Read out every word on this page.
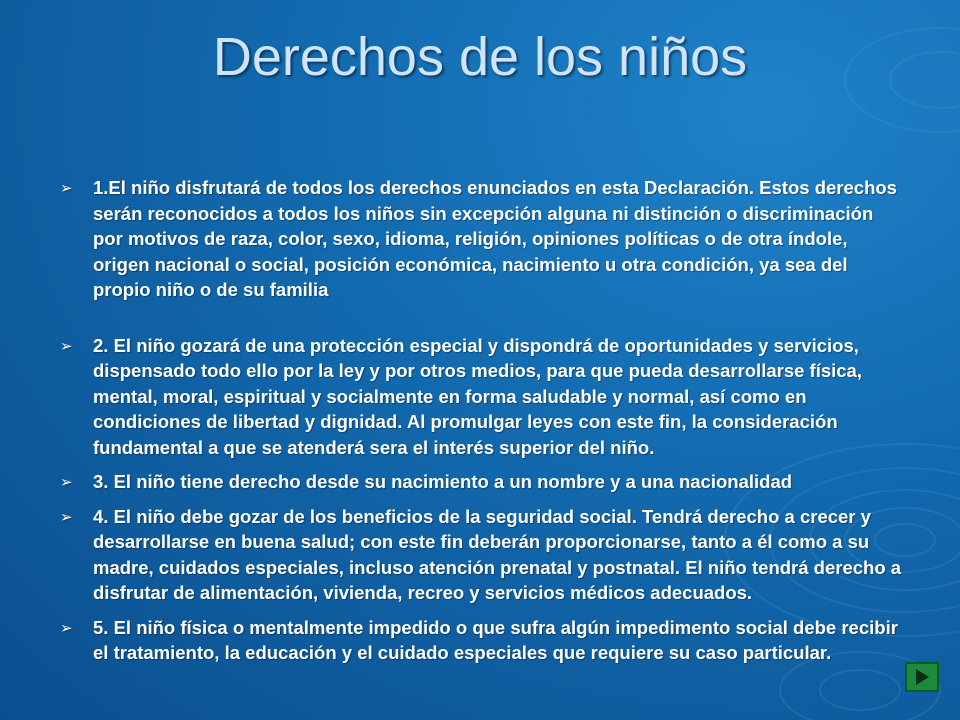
Derechos de los niños
➢ 1.El niño disfrutará de todos los derechos enunciados en esta Declaración. Estos derechos serán reconocidos a todos los niños sin excepción alguna ni distinción o discriminación por motivos de raza, color, sexo, idioma, religión, opiniones políticas o de otra índole, origen nacional o social, posición económica, nacimiento u otra condición, ya sea del propio niño o de su familia
➢ 2. El niño gozará de una protección especial y dispondrá de oportunidades y servicios, dispensado todo ello por la ley y por otros medios, para que pueda desarrollarse física, mental, moral, espiritual y socialmente en forma saludable y normal, así como en condiciones de libertad y dignidad. Al promulgar leyes con este fin, la consideración fundamental a que se atenderá sera el interés superior del niño.
➢ 3. El niño tiene derecho desde su nacimiento a un nombre y a una nacionalidad
➢ 4. El niño debe gozar de los beneficios de la seguridad social. Tendrá derecho a crecer y desarrollarse en buena salud; con este fin deberán proporcionarse, tanto a él como a su madre, cuidados especiales, incluso atención prenatal y postnatal. El niño tendrá derecho a disfrutar de alimentación, vivienda, recreo y servicios médicos adecuados.
➢ 5. El niño física o mentalmente impedido o que sufra algún impedimento social debe recibir el tratamiento, la educación y el cuidado especiales que requiere su caso particular.
